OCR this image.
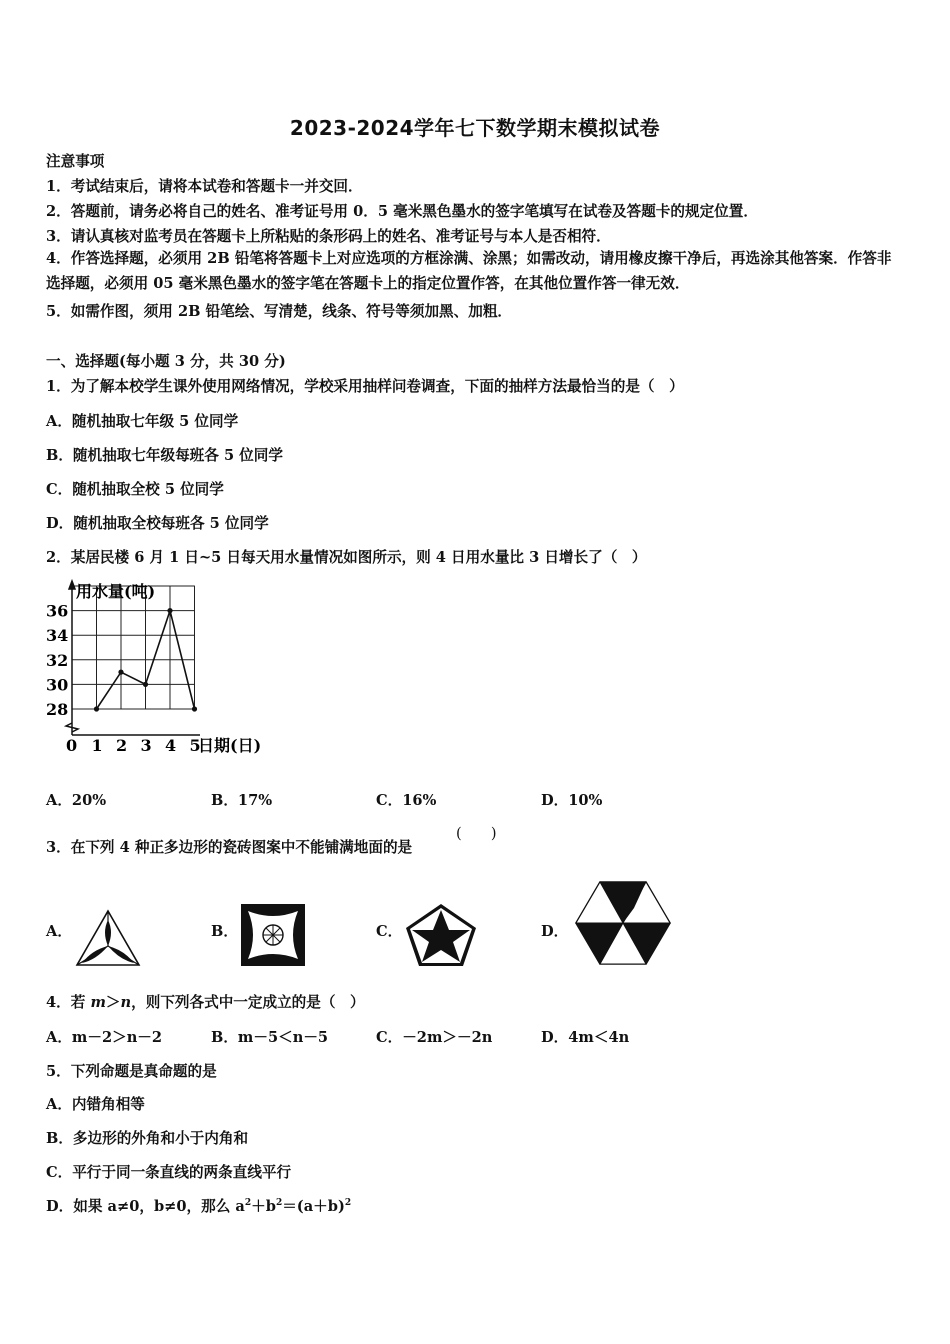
2023-2024学年七下数学期末模拟试卷
注意事项
1．考试结束后，请将本试卷和答题卡一并交回．
2．答题前，请务必将自己的姓名、准考证号用 0．5 毫米黑色墨水的签字笔填写在试卷及答题卡的规定位置．
3．请认真核对监考员在答题卡上所粘贴的条形码上的姓名、准考证号与本人是否相符．
4．作答选择题，必须用 2B 铅笔将答题卡上对应选项的方框涂满、涂黑；如需改动，请用橡皮擦干净后，再选涂其他答案．作答非选择题，必须用 05 毫米黑色墨水的签字笔在答题卡上的指定位置作答，在其他位置作答一律无效．
5．如需作图，须用 2B 铅笔绘、写清楚，线条、符号等须加黑、加粗．
一、选择题(每小题 3 分，共 30 分)
1．为了解本校学生课外使用网络情况，学校采用抽样问卷调查，下面的抽样方法最恰当的是（　）
A．随机抽取七年级 5 位同学
B．随机抽取七年级每班各 5 位同学
C．随机抽取全校 5 位同学
D．随机抽取全校每班各 5 位同学
2．某居民楼 6 月 1 日~5 日每天用水量情况如图所示，则 4 日用水量比 3 日增长了（　）
用水量(吨)
日期(日)
36
34
32
30
28
0 1 2 3 4 5
A．20%	B．17%	C．16%	D．10%
3．在下列 4 种正多边形的瓷砖图案中不能铺满地面的是
(　　)
A．	B．	C．	D．
4．若 m＞n，则下列各式中一定成立的是（　）
A．m－2＞n－2	B．m－5＜n－5	C．－2m＞－2n	D．4m＜4n
5．下列命题是真命题的是
A．内错角相等
B．多边形的外角和小于内角和
C．平行于同一条直线的两条直线平行
D．如果 a≠0，b≠0，那么 $a^2+b^2=(a+b)^2$
